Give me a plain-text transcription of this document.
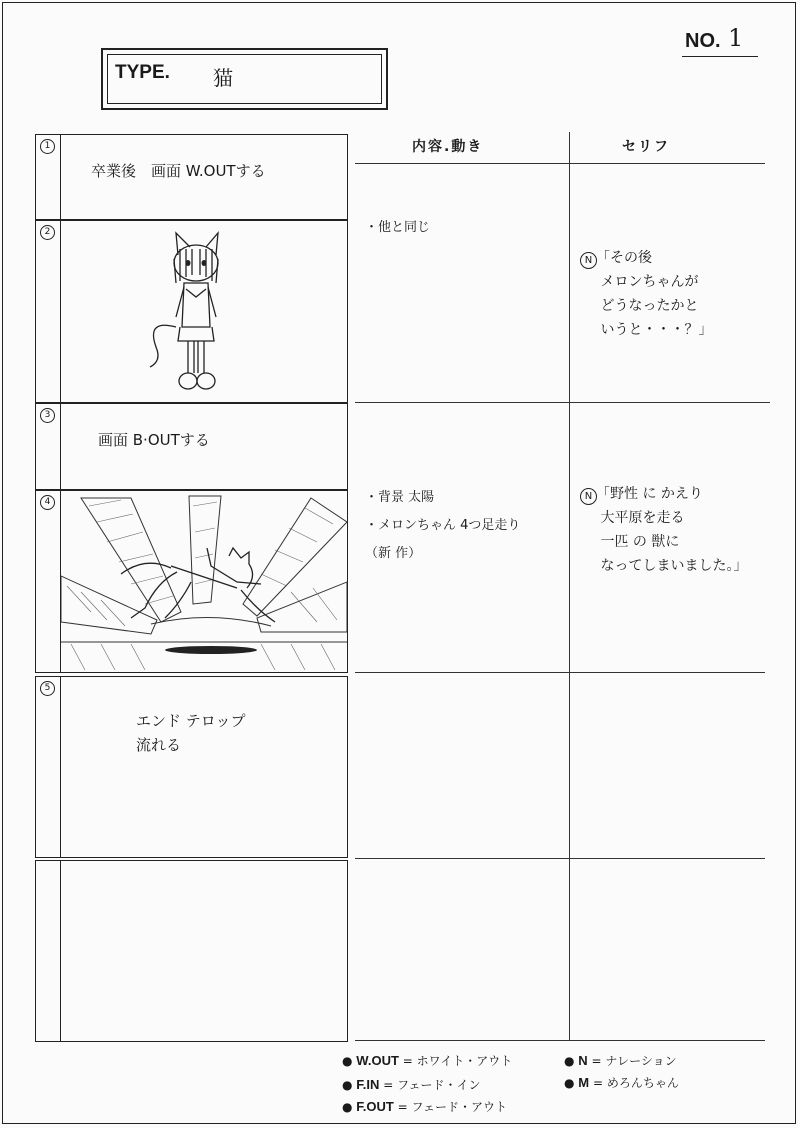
NO. 1
TYPE. 猫
内容.動き	セリフ
1
卒業後　画面 W.OUTする
2
3
画面 B·OUTする
4
5
エンド テロップ
流れる
・他と同じ
・背景 太陽
・メロンちゃん 4つ足走り
（新 作）
N 「その後
メロンちゃんが
どうなったかと
いうと・・・？」
N 「野性 に かえり
大平原を走る
一匹 の 獣に
なってしまいました。」
● W.OUT = ホワイト・アウト
● F.IN = フェード・イン
● F.OUT = フェード・アウト
● N = ナレーション
● M = めろんちゃん
